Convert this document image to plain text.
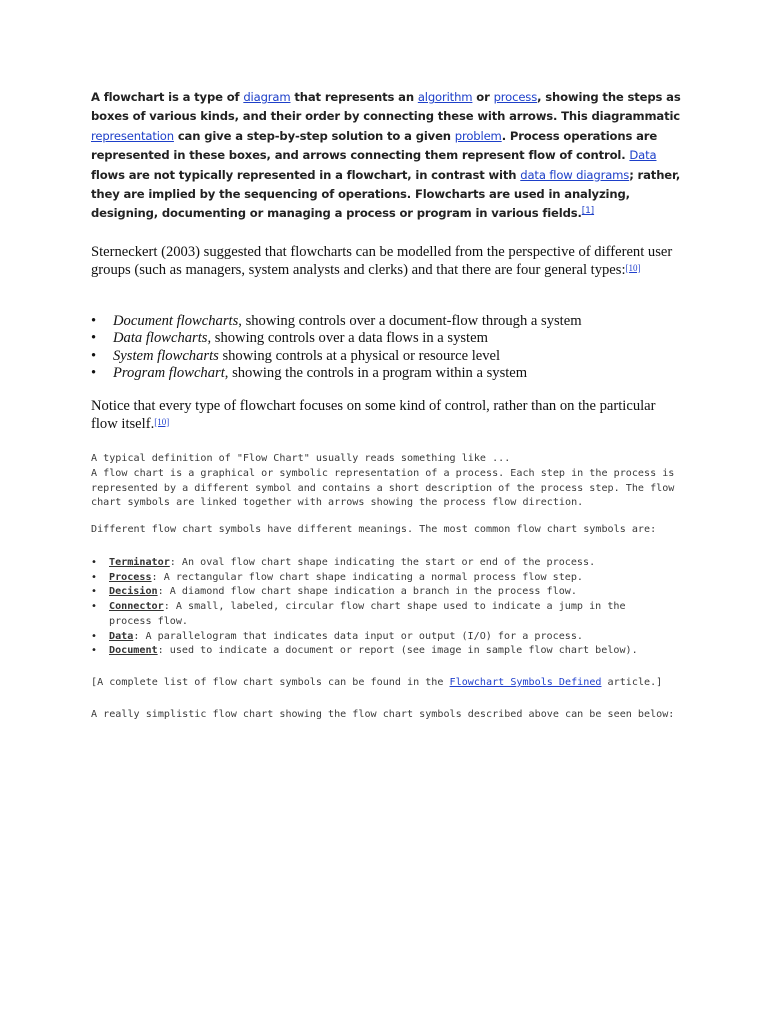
A flowchart is a type of diagram that represents an algorithm or process, showing the steps as boxes of various kinds, and their order by connecting these with arrows. This diagrammatic representation can give a step-by-step solution to a given problem. Process operations are represented in these boxes, and arrows connecting them represent flow of control. Data flows are not typically represented in a flowchart, in contrast with data flow diagrams; rather, they are implied by the sequencing of operations. Flowcharts are used in analyzing, designing, documenting or managing a process or program in various fields.[1]

Sterneckert (2003) suggested that flowcharts can be modelled from the perspective of different user groups (such as managers, system analysts and clerks) and that there are four general types:[10]

• Document flowcharts, showing controls over a document-flow through a system
• Data flowcharts, showing controls over a data flows in a system
• System flowcharts showing controls at a physical or resource level
• Program flowchart, showing the controls in a program within a system

Notice that every type of flowchart focuses on some kind of control, rather than on the particular flow itself.[10]

A typical definition of "Flow Chart" usually reads something like ...
A flow chart is a graphical or symbolic representation of a process. Each step in the process is represented by a different symbol and contains a short description of the process step. The flow chart symbols are linked together with arrows showing the process flow direction.

Different flow chart symbols have different meanings. The most common flow chart symbols are:

• Terminator: An oval flow chart shape indicating the start or end of the process.
• Process: A rectangular flow chart shape indicating a normal process flow step.
• Decision: A diamond flow chart shape indication a branch in the process flow.
• Connector: A small, labeled, circular flow chart shape used to indicate a jump in the process flow.
• Data: A parallelogram that indicates data input or output (I/O) for a process.
• Document: used to indicate a document or report (see image in sample flow chart below).

[A complete list of flow chart symbols can be found in the Flowchart Symbols Defined article.]

A really simplistic flow chart showing the flow chart symbols described above can be seen below:
